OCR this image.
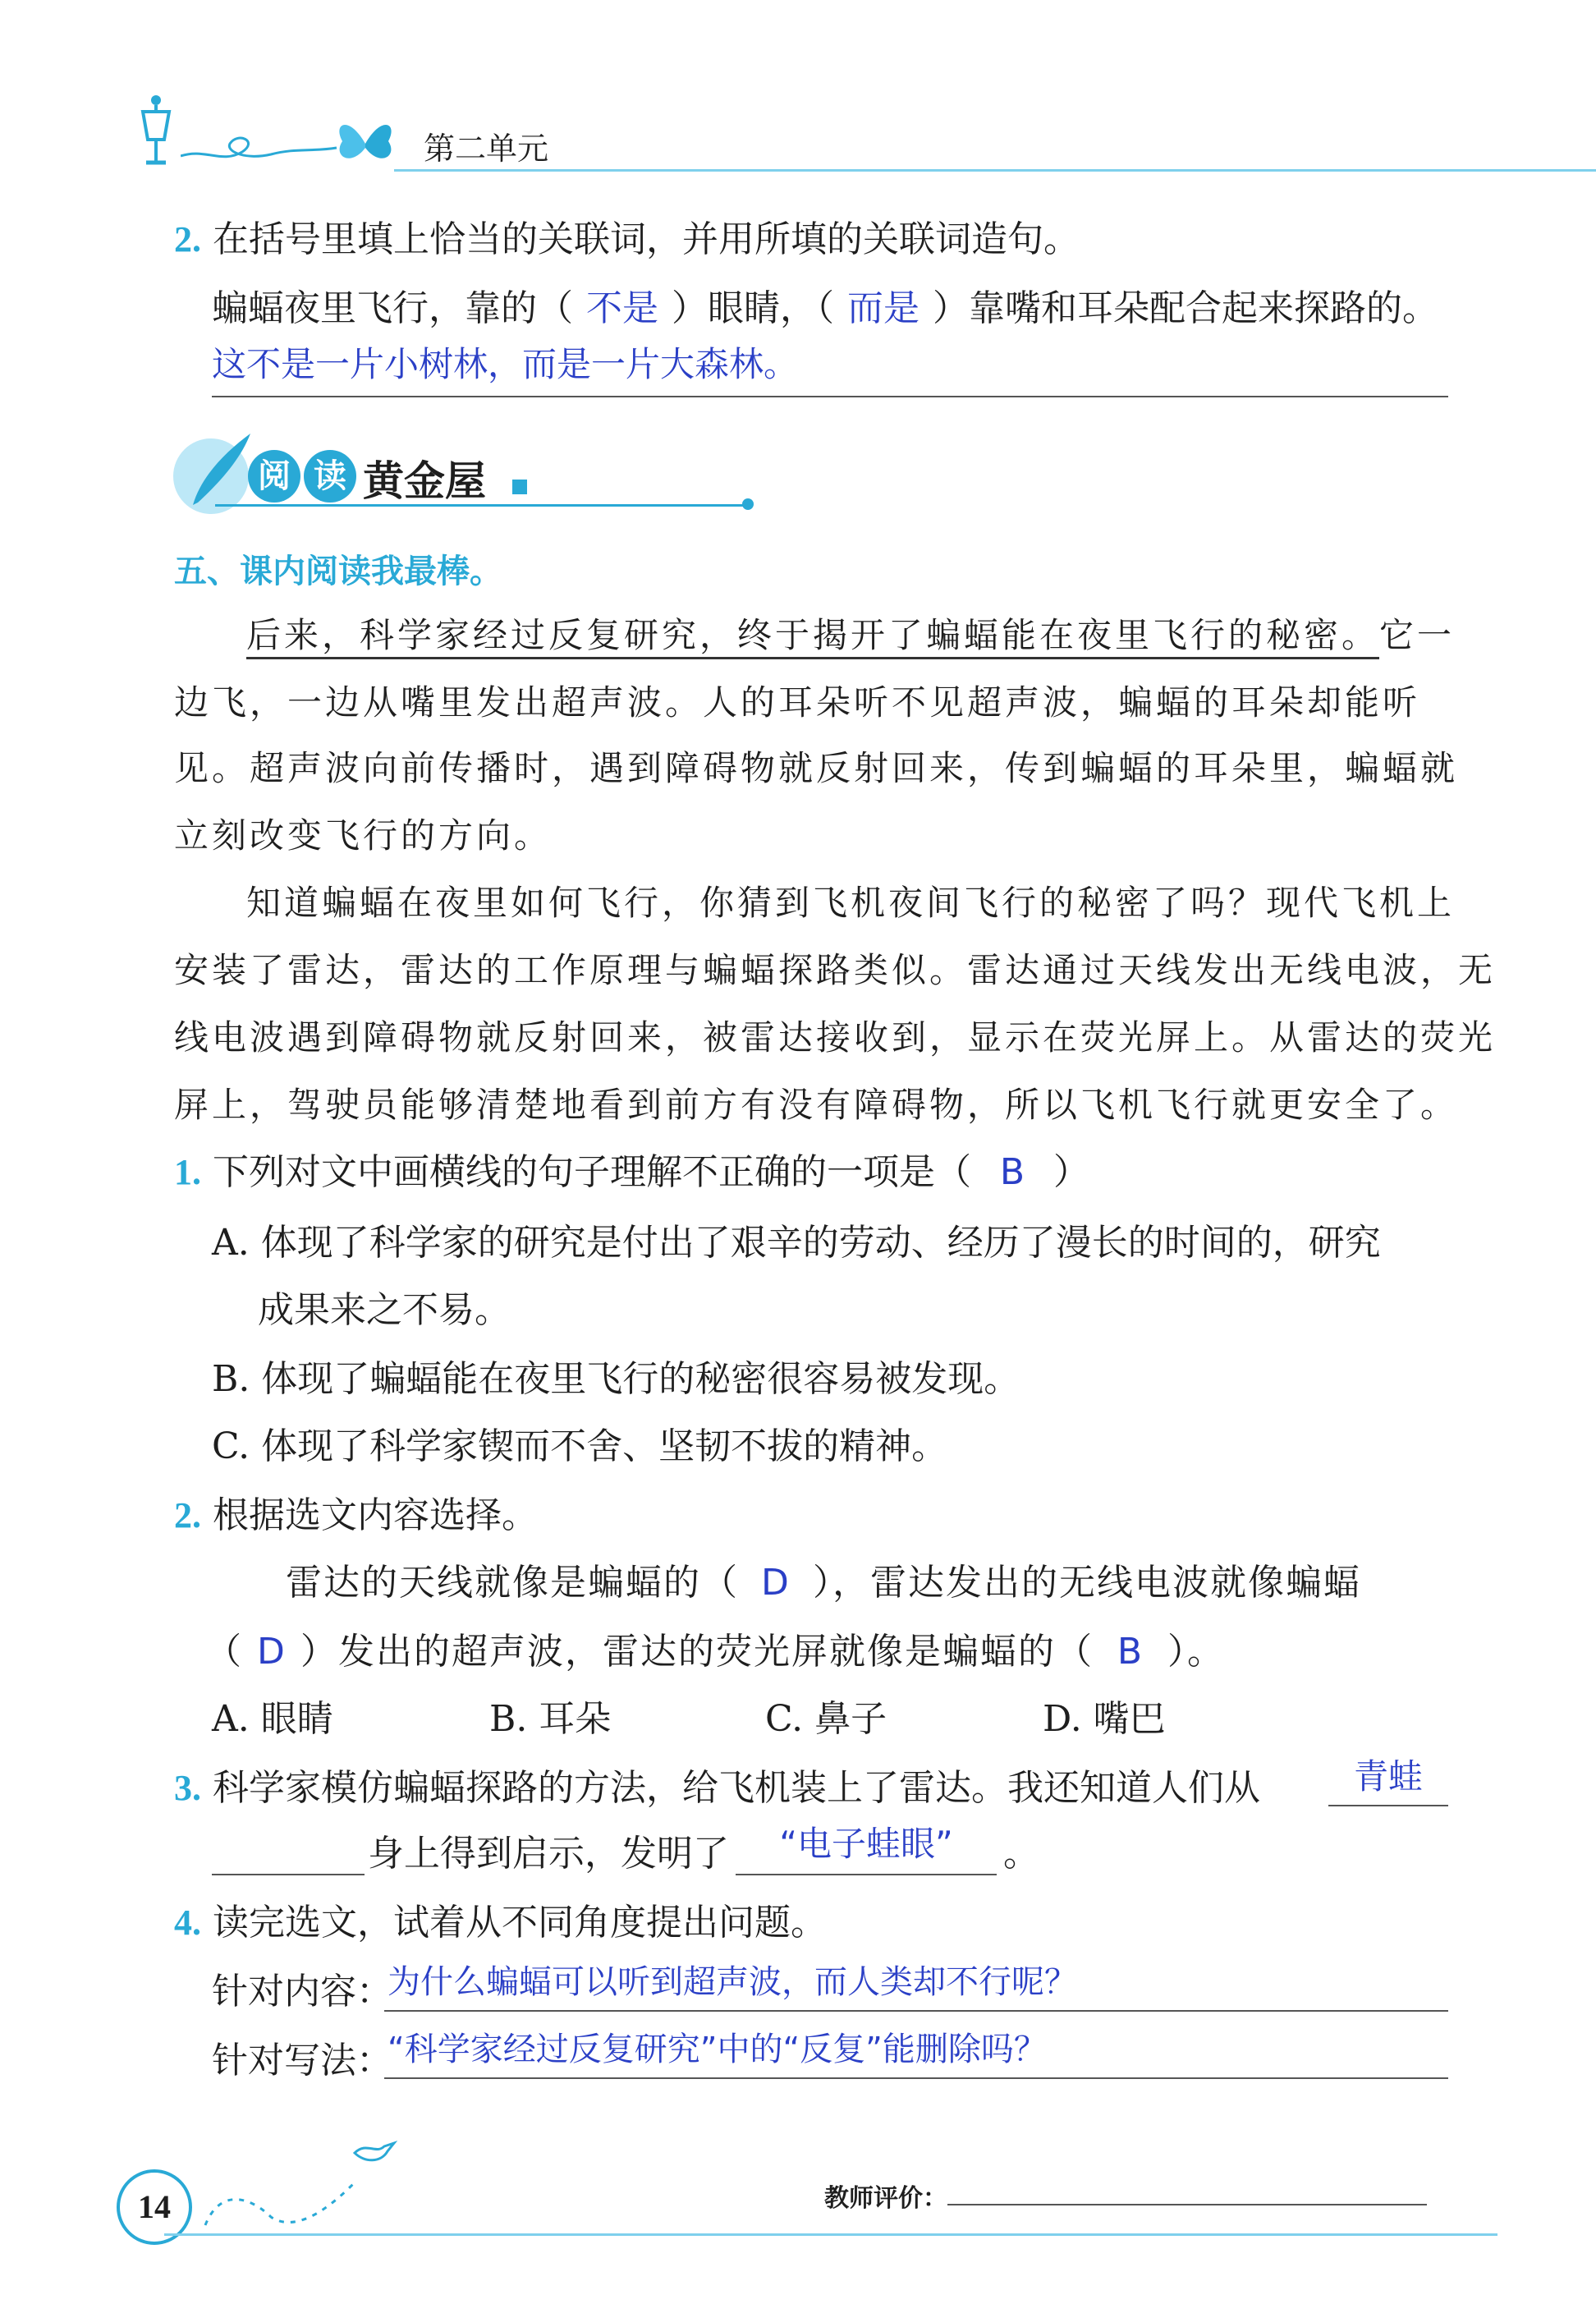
第二单元
2. 在括号里填上恰当的关联词，并用所填的关联词造句。
蝙蝠夜里飞行，靠的（ 不是 ）眼睛，（ 而是 ）靠嘴和耳朵配合起来探路的。
这不是一片小树林，而是一片大森林。
阅 读 黄金屋
五、课内阅读我最棒。
后来，科学家经过反复研究，终于揭开了蝙蝠能在夜里飞行的秘密。它一
边飞，一边从嘴里发出超声波。人的耳朵听不见超声波，蝙蝠的耳朵却能听
见。超声波向前传播时，遇到障碍物就反射回来，传到蝙蝠的耳朵里，蝙蝠就
立刻改变飞行的方向。
知道蝙蝠在夜里如何飞行，你猜到飞机夜间飞行的秘密了吗？现代飞机上
安装了雷达，雷达的工作原理与蝙蝠探路类似。雷达通过天线发出无线电波，无
线电波遇到障碍物就反射回来，被雷达接收到，显示在荧光屏上。从雷达的荧光
屏上，驾驶员能够清楚地看到前方有没有障碍物，所以飞机飞行就更安全了。
1. 下列对文中画横线的句子理解不正确的一项是（ B ）
A. 体现了科学家的研究是付出了艰辛的劳动、经历了漫长的时间的，研究
成果来之不易。
B. 体现了蝙蝠能在夜里飞行的秘密很容易被发现。
C. 体现了科学家锲而不舍、坚韧不拔的精神。
2. 根据选文内容选择。
雷达的天线就像是蝙蝠的（ D ），雷达发出的无线电波就像蝙蝠
（ D ）发出的超声波，雷达的荧光屏就像是蝙蝠的（ B ）。
A. 眼睛	B. 耳朵	C. 鼻子	D. 嘴巴
3. 科学家模仿蝙蝠探路的方法，给飞机装上了雷达。我还知道人们从	青蛙
身上得到启示，发明了	“电子蛙眼”	。
4. 读完选文，试着从不同角度提出问题。
针对内容：
为什么蝙蝠可以听到超声波，而人类却不行呢？
针对写法：
“科学家经过反复研究”中的“反复”能删除吗？
14	教师评价：
